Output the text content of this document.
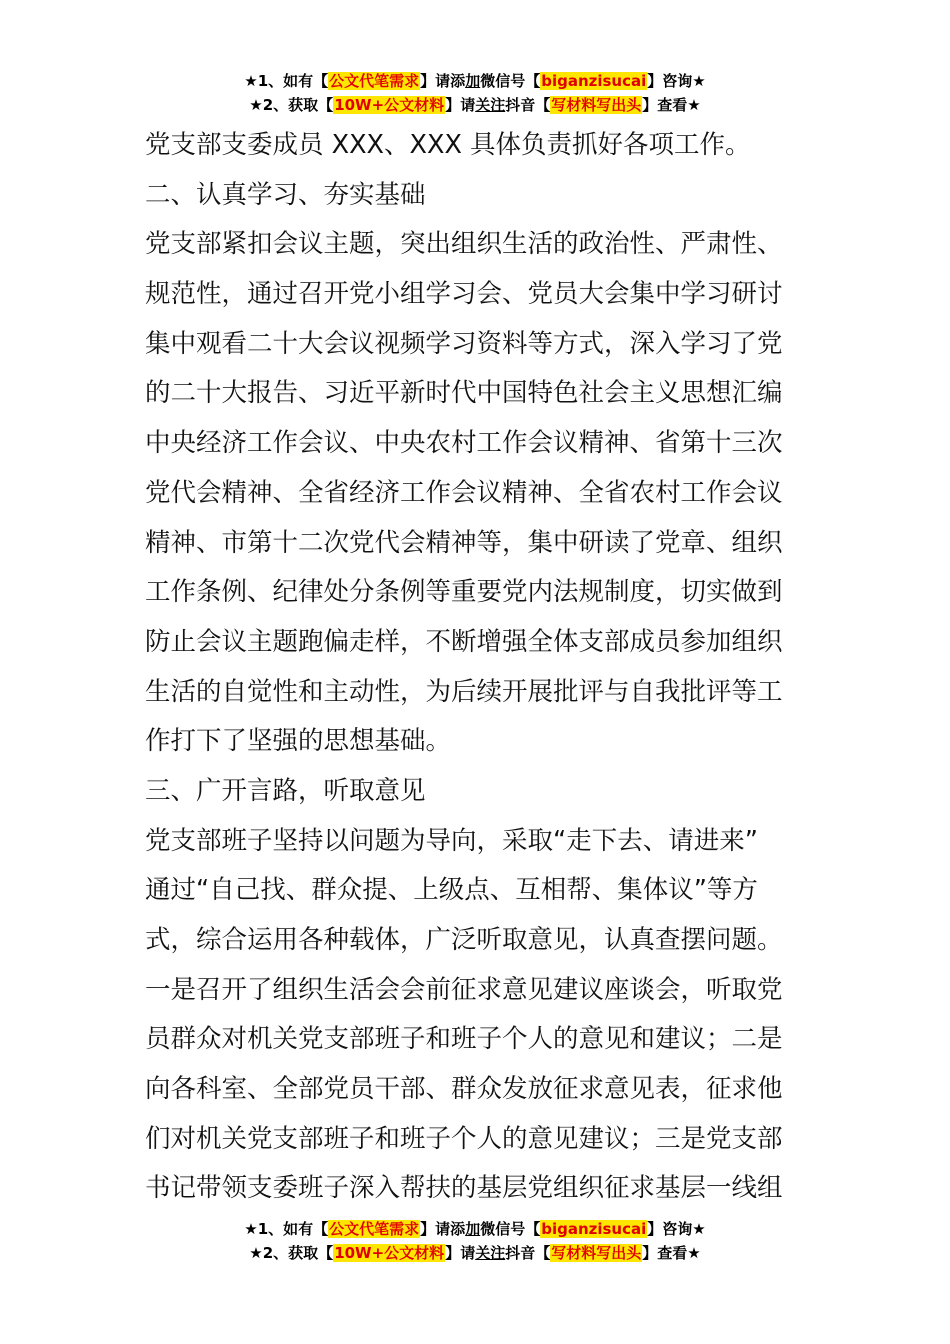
★1、如有【公文代笔需求】请添加微信号【biganzisucai】咨询★
★2、获取【10W+公文材料】请关注抖音【写材料写出头】查看★
党支部支委成员 XXX、XXX 具体负责抓好各项工作。
二、认真学习、夯实基础
党支部紧扣会议主题，突出组织生活的政治性、严肃性、
规范性，通过召开党小组学习会、党员大会集中学习研讨
集中观看二十大会议视频学习资料等方式，深入学习了党
的二十大报告、习近平新时代中国特色社会主义思想汇编
中央经济工作会议、中央农村工作会议精神、省第十三次
党代会精神、全省经济工作会议精神、全省农村工作会议
精神、市第十二次党代会精神等，集中研读了党章、组织
工作条例、纪律处分条例等重要党内法规制度，切实做到
防止会议主题跑偏走样，不断增强全体支部成员参加组织
生活的自觉性和主动性，为后续开展批评与自我批评等工
作打下了坚强的思想基础。
三、广开言路，听取意见
党支部班子坚持以问题为导向，采取“走下去、请进来”
通过“自己找、群众提、上级点、互相帮、集体议”等方
式，综合运用各种载体，广泛听取意见，认真查摆问题。
一是召开了组织生活会会前征求意见建议座谈会，听取党
员群众对机关党支部班子和班子个人的意见和建议；二是
向各科室、全部党员干部、群众发放征求意见表，征求他
们对机关党支部班子和班子个人的意见建议；三是党支部
书记带领支委班子深入帮扶的基层党组织征求基层一线组
★1、如有【公文代笔需求】请添加微信号【biganzisucai】咨询★
★2、获取【10W+公文材料】请关注抖音【写材料写出头】查看★
